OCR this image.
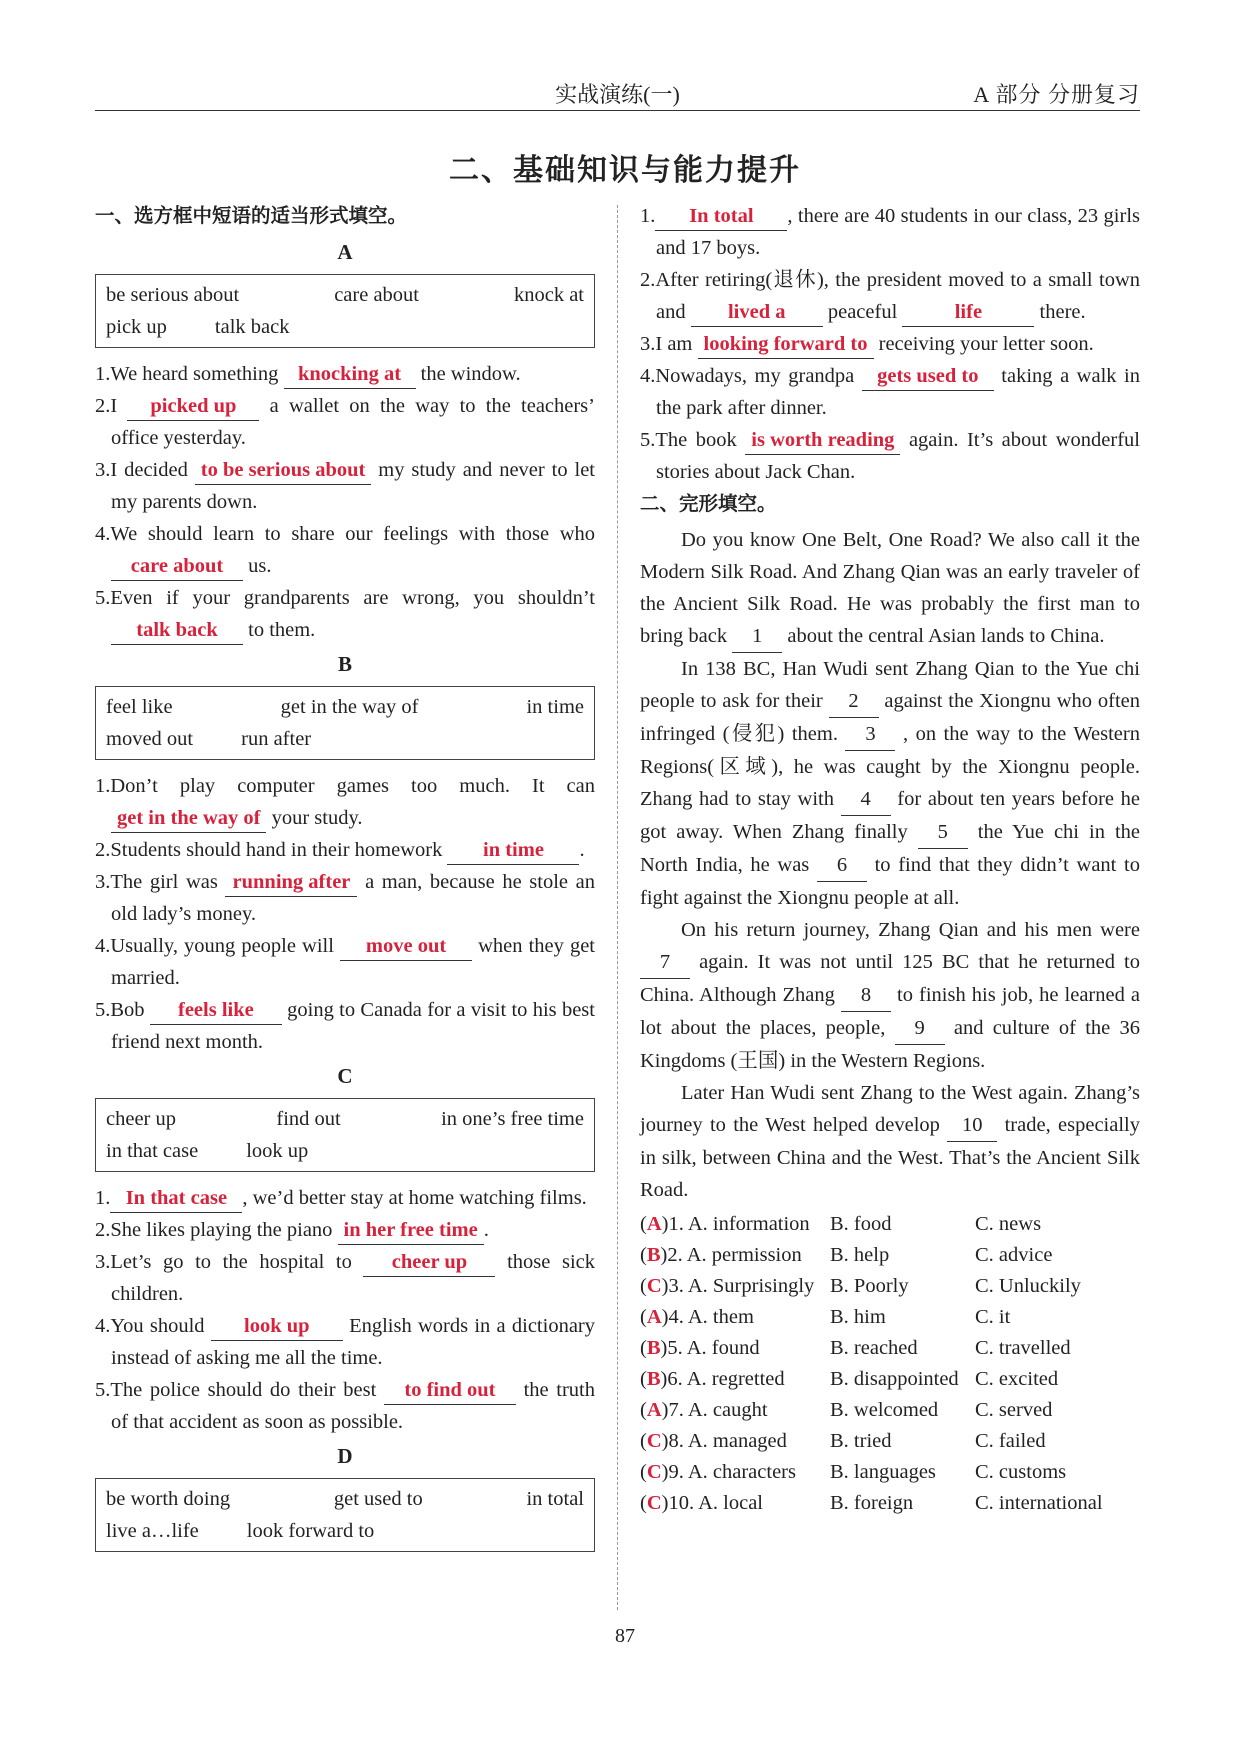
实战演练(一)	A 部分 分册复习
二、基础知识与能力提升
一、选方框中短语的适当形式填空。
A
be serious about	care about	knock at
pick up talk back
1.We heard something knocking at the window.
2.I picked up a wallet on the way to the teachers’ office yesterday.
3.I decided to be serious about my study and never to let my parents down.
4.We should learn to share our feelings with those who care about us.
5.Even if your grandparents are wrong, you shouldn’t talk back to them.
B
feel like	get in the way of	in time
moved out run after
1.Don’t play computer games too much. It can get in the way of your study.
2.Students should hand in their homework in time .
3.The girl was running after a man, because he stole an old lady’s money.
4.Usually, young people will move out when they get married.
5.Bob feels like going to Canada for a visit to his best friend next month.
C
cheer up	find out	in one’s free time
in that case look up
1. In that case , we’d better stay at home watching films.
2.She likes playing the piano in her free time .
3.Let’s go to the hospital to cheer up those sick children.
4.You should look up English words in a dictionary instead of asking me all the time.
5.The police should do their best to find out the truth of that accident as soon as possible.
D
be worth doing	get used to	in total
live a…life look forward to
1. In total , there are 40 students in our class, 23 girls and 17 boys.
2.After retiring(退休), the president moved to a small town and lived a peaceful	life	there.
3.I am looking forward to receiving your letter soon.
4.Nowadays, my grandpa gets used to taking a walk in the park after dinner.
5.The book is worth reading again. It’s about wonderful stories about Jack Chan.
二、完形填空。
Do you know One Belt, One Road? We also call it the Modern Silk Road. And Zhang Qian was an early traveler of the Ancient Silk Road. He was probably the first man to bring back 1 about the central Asian lands to China.
In 138 BC, Han Wudi sent Zhang Qian to the Yue chi people to ask for their 2 against the Xiongnu who often infringed (侵犯) them. 3 , on the way to the Western Regions(区域), he was caught by the Xiongnu people. Zhang had to stay with 4 for about ten years before he got away. When Zhang finally 5 the Yue chi in the North India, he was 6 to find that they didn’t want to fight against the Xiongnu people at all.
On his return journey, Zhang Qian and his men were 7 again. It was not until 125 BC that he returned to China. Although Zhang 8 to finish his job, he learned a lot about the places, people, 9 and culture of the 36 Kingdoms (王国) in the Western Regions.
Later Han Wudi sent Zhang to the West again. Zhang’s journey to the West helped develop 10 trade, especially in silk, between China and the West. That’s the Ancient Silk Road.
(A)1. A. information B. food	C. news
(B)2. A. permission	B. help	C. advice
(C)3. A. Surprisingly B. Poorly	C. Unluckily
(A)4. A. them	B. him	C. it
(B)5. A. found	B. reached	C. travelled
(B)6. A. regretted	B. disappointed C. excited
(A)7. A. caught	B. welcomed	C. served
(C)8. A. managed	B. tried	C. failed
(C)9. A. characters	B. languages	C. customs
(C)10. A. local	B. foreign	C. international
87
